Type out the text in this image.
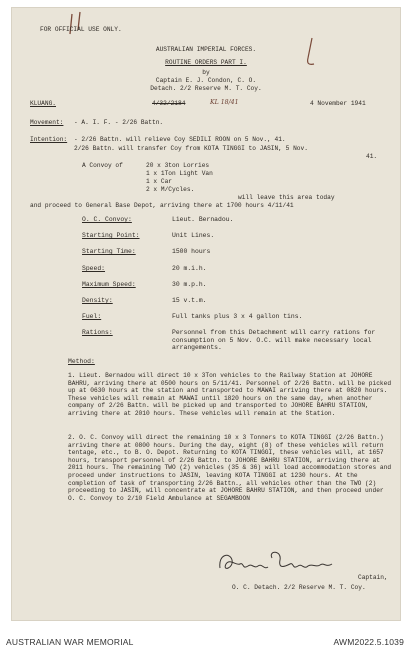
FOR OFFICIAL USE ONLY.
AUSTRALIAN IMPERIAL FORCES.
ROUTINE ORDERS PART I.
by
Captain E. J. Condon, C. O.
Detach. 2/2 Reserve M. T. Coy.
KLUANG.	4/32/2184	KL 18/41	4 November 1941
Movement: - A. I. F. - 2/26 Battn.
Intention: - 2/26 Battn. will relieve Coy SEDILI ROON on 5 Nov., 41.
2/26 Battn. will transfer Coy from KOTA TINGGI to JASIN, 5 Nov.
41.
A Convoy of	20 x 3ton Lorries
1 x 1Ton Light Van
1 x Car
2 x M/Cycles.
will leave this area today
and proceed to General Base Depot, arriving there at 1700 hours 4/11/41
O. C. Convoy:	Lieut. Bernadou.
Starting Point:	Unit Lines.
Starting Time:	1500 hours
Speed:	20 m.i.h.
Maximum Speed:	30 m.p.h.
Density:	15 v.t.m.
Fuel:	Full tanks plus 3 x 4 gallon tins.
Rations:	Personnel from this Detachment will carry rations for consumption on 5 Nov. O.C. will make necessary local arrangements.
Method:
1. Lieut. Bernadou will direct 10 x 3Ton vehicles to the Railway Station at JOHORE BAHRU, arriving there at 0500 hours on 5/11/41. Personnel of 2/26 Battn. will be picked up at 0630 hours at the station and transported to MAWAI arriving there at 0820 hours. These vehicles will remain at MAWAI until 1820 hours on the same day, when another company of 2/26 Battn. will be picked up and transported to JOHORE BAHRU STATION, arriving there at 2010 hours. These vehicles will remain at the Station.
2. O. C. Convoy will direct the remaining 10 x 3 Tonners to KOTA TINGGI (2/26 Battn.) arriving there at 0800 hours. During the day, eight (8) of these vehicles will return tentage, etc., to B. O. Depot. Returning to KOTA TINGGI, these vehicles will, at 1657 hours, transport personnel of 2/26 Battn. to JOHORE BAHRU STATION, arriving there at 2011 hours. The remaining TWO (2) vehicles (35 & 36) will load accommodation stores and proceed under instructions to JASIN, leaving KOTA TINGGI at 1230 hours. At the completion of task of transporting 2/26 Battn., all vehicles other than the TWO (2) proceeding to JASIN, will concentrate at JOHORE BAHRU STATION, and then proceed under O. C. Convoy to 2/10 Field Ambulance at SEGAMBOON
Captain,
O. C. Detach. 2/2 Reserve M. T. Coy.
AUSTRALIAN WAR MEMORIAL	AWM2022.5.1039
